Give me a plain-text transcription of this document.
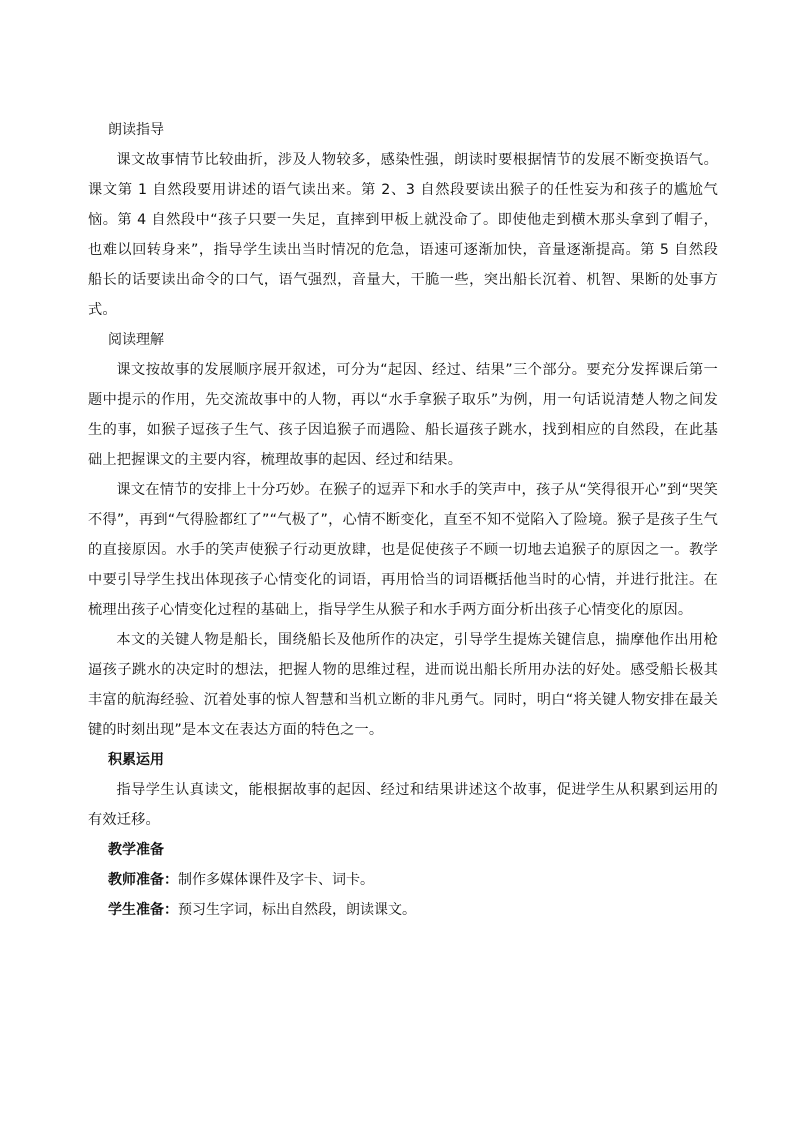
朗读指导

课文故事情节比较曲折，涉及人物较多，感染性强，朗读时要根据情节的发展不断变换语气。课文第 1 自然段要用讲述的语气读出来。第 2、3 自然段要读出猴子的任性妄为和孩子的尴尬气恼。第 4 自然段中“孩子只要一失足，直摔到甲板上就没命了。即使他走到横木那头拿到了帽子，也难以回转身来”，指导学生读出当时情况的危急，语速可逐渐加快，音量逐渐提高。第 5 自然段船长的话要读出命令的口气，语气强烈，音量大，干脆一些，突出船长沉着、机智、果断的处事方式。

阅读理解

课文按故事的发展顺序展开叙述，可分为“起因、经过、结果”三个部分。要充分发挥课后第一题中提示的作用，先交流故事中的人物，再以“水手拿猴子取乐”为例，用一句话说清楚人物之间发生的事，如猴子逗孩子生气、孩子因追猴子而遇险、船长逼孩子跳水，找到相应的自然段，在此基础上把握课文的主要内容，梳理故事的起因、经过和结果。

课文在情节的安排上十分巧妙。在猴子的逗弄下和水手的笑声中，孩子从“笑得很开心”到“哭笑不得”，再到“气得脸都红了”“气极了”，心情不断变化，直至不知不觉陷入了险境。猴子是孩子生气的直接原因。水手的笑声使猴子行动更放肆，也是促使孩子不顾一切地去追猴子的原因之一。教学中要引导学生找出体现孩子心情变化的词语，再用恰当的词语概括他当时的心情，并进行批注。在梳理出孩子心情变化过程的基础上，指导学生从猴子和水手两方面分析出孩子心情变化的原因。

本文的关键人物是船长，围绕船长及他所作的决定，引导学生提炼关键信息，揣摩他作出用枪逼孩子跳水的决定时的想法，把握人物的思维过程，进而说出船长所用办法的好处。感受船长极其丰富的航海经验、沉着处事的惊人智慧和当机立断的非凡勇气。同时，明白“将关键人物安排在最关键的时刻出现”是本文在表达方面的特色之一。

积累运用

指导学生认真读文，能根据故事的起因、经过和结果讲述这个故事，促进学生从积累到运用的有效迁移。

教学准备

教师准备：制作多媒体课件及字卡、词卡。

学生准备：预习生字词，标出自然段，朗读课文。
